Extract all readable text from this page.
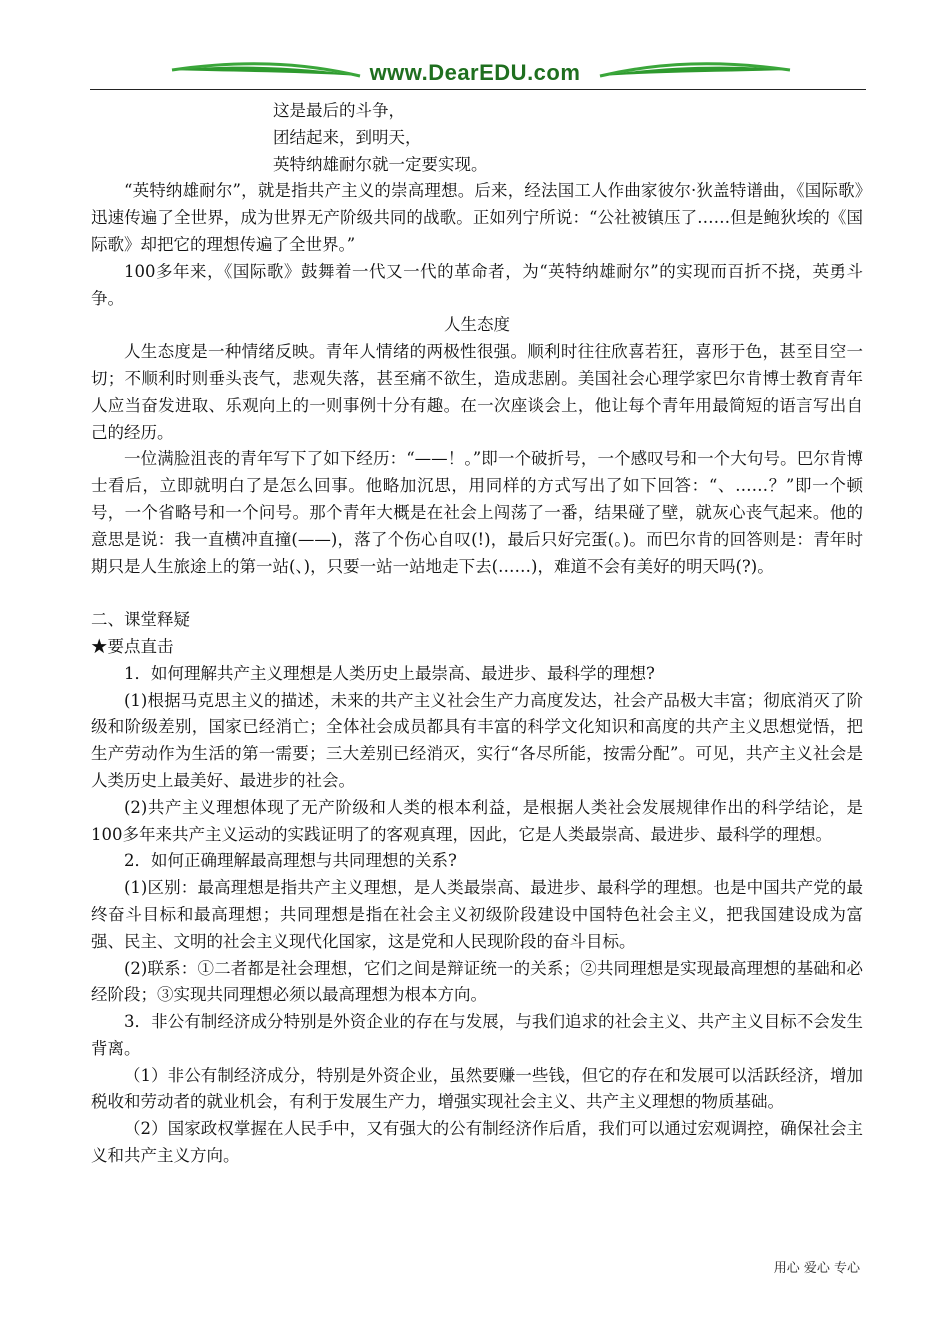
www.DearEDU.com

这是最后的斗争，

团结起来，到明天，

英特纳雄耐尔就一定要实现。

“英特纳雄耐尔”，就是指共产主义的崇高理想。后来，经法国工人作曲家彼尔·狄盖特谱曲，《国际歌》迅速传遍了全世界，成为世界无产阶级共同的战歌。正如列宁所说：“公社被镇压了……但是鲍狄埃的《国际歌》却把它的理想传遍了全世界。”

100多年来，《国际歌》鼓舞着一代又一代的革命者，为“英特纳雄耐尔”的实现而百折不挠，英勇斗争。

人生态度

人生态度是一种情绪反映。青年人情绪的两极性很强。顺利时往往欣喜若狂，喜形于色，甚至目空一切；不顺利时则垂头丧气，悲观失落，甚至痛不欲生，造成悲剧。美国社会心理学家巴尔肯博士教育青年人应当奋发进取、乐观向上的一则事例十分有趣。在一次座谈会上，他让每个青年用最简短的语言写出自己的经历。

一位满脸沮丧的青年写下了如下经历：“——！。”即一个破折号，一个感叹号和一个大句号。巴尔肯博士看后，立即就明白了是怎么回事。他略加沉思，用同样的方式写出了如下回答：“、……？”即一个顿号，一个省略号和一个问号。那个青年大概是在社会上闯荡了一番，结果碰了壁，就灰心丧气起来。他的意思是说：我一直横冲直撞(——)，落了个伤心自叹(!)，最后只好完蛋(。)。而巴尔肯的回答则是：青年时期只是人生旅途上的第一站(、)，只要一站一站地走下去(……)，难道不会有美好的明天吗(?)。

二、课堂释疑

★要点直击

1．如何理解共产主义理想是人类历史上最崇高、最进步、最科学的理想?

(1)根据马克思主义的描述，未来的共产主义社会生产力高度发达，社会产品极大丰富；彻底消灭了阶级和阶级差别，国家已经消亡；全体社会成员都具有丰富的科学文化知识和高度的共产主义思想觉悟，把生产劳动作为生活的第一需要；三大差别已经消灭，实行“各尽所能，按需分配”。可见，共产主义社会是人类历史上最美好、最进步的社会。

(2)共产主义理想体现了无产阶级和人类的根本利益，是根据人类社会发展规律作出的科学结论，是100多年来共产主义运动的实践证明了的客观真理，因此，它是人类最崇高、最进步、最科学的理想。

2．如何正确理解最高理想与共同理想的关系?

(1)区别：最高理想是指共产主义理想，是人类最崇高、最进步、最科学的理想。也是中国共产党的最终奋斗目标和最高理想；共同理想是指在社会主义初级阶段建设中国特色社会主义，把我国建设成为富强、民主、文明的社会主义现代化国家，这是党和人民现阶段的奋斗目标。

(2)联系：①二者都是社会理想，它们之间是辩证统一的关系；②共同理想是实现最高理想的基础和必经阶段；③实现共同理想必须以最高理想为根本方向。

3．非公有制经济成分特别是外资企业的存在与发展，与我们追求的社会主义、共产主义目标不会发生背离。

（1）非公有制经济成分，特别是外资企业，虽然要赚一些钱，但它的存在和发展可以活跃经济，增加税收和劳动者的就业机会，有利于发展生产力，增强实现社会主义、共产主义理想的物质基础。

（2）国家政权掌握在人民手中，又有强大的公有制经济作后盾，我们可以通过宏观调控，确保社会主义和共产主义方向。

用心 爱心 专心
